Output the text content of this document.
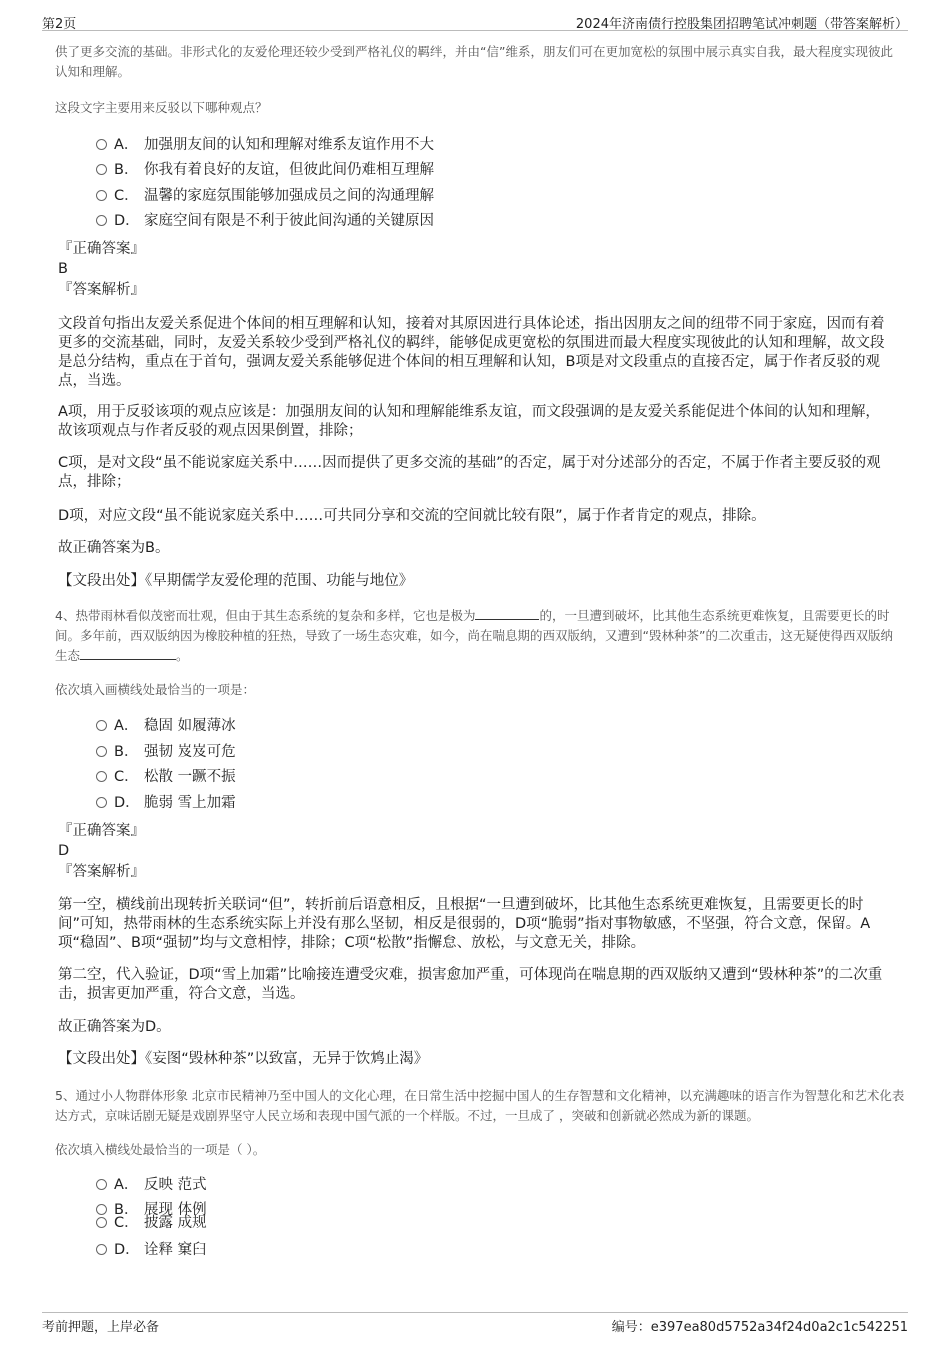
第2页	2024年济南债行控股集团招聘笔试冲刺题（带答案解析）
供了更多交流的基础。非形式化的友爱伦理还较少受到严格礼仪的羁绊，并由“信”维系，朋友们可在更加宽松的氛围中展示真实自我，最大程度实现彼此认知和理解。
这段文字主要用来反驳以下哪种观点？
A． 加强朋友间的认知和理解对维系友谊作用不大
B． 你我有着良好的友谊，但彼此间仍难相互理解
C． 温馨的家庭氛围能够加强成员之间的沟通理解
D． 家庭空间有限是不利于彼此间沟通的关键原因
『正确答案』
B
『答案解析』
文段首句指出友爱关系促进个体间的相互理解和认知，接着对其原因进行具体论述，指出因朋友之间的纽带不同于家庭，因而有着更多的交流基础，同时，友爱关系较少受到严格礼仪的羁绊，能够促成更宽松的氛围进而最大程度实现彼此的认知和理解，故文段是总分结构，重点在于首句，强调友爱关系能够促进个体间的相互理解和认知，B项是对文段重点的直接否定，属于作者反驳的观点，当选。
A项，用于反驳该项的观点应该是：加强朋友间的认知和理解能维系友谊，而文段强调的是友爱关系能促进个体间的认知和理解，故该项观点与作者反驳的观点因果倒置，排除；
C项，是对文段“虽不能说家庭关系中……因而提供了更多交流的基础”的否定，属于对分述部分的否定，不属于作者主要反驳的观点，排除；
D项，对应文段“虽不能说家庭关系中……可共同分享和交流的空间就比较有限”，属于作者肯定的观点，排除。
故正确答案为B。
【文段出处】《早期儒学友爱伦理的范围、功能与地位》
4、热带雨林看似茂密而壮观，但由于其生态系统的复杂和多样，它也是极为	的，一旦遭到破坏，比其他生态系统更难恢复，且需要更长的时间。多年前，西双版纳因为橡胶种植的狂热，导致了一场生态灾难，如今，尚在喘息期的西双版纳，又遭到“毁林种茶”的二次重击，这无疑使得西双版纳生态	。
依次填入画横线处最恰当的一项是：
A． 稳固 如履薄冰
B． 强韧 岌岌可危
C． 松散 一蹶不振
D． 脆弱 雪上加霜
『正确答案』
D
『答案解析』
第一空，横线前出现转折关联词“但”，转折前后语意相反，且根据“一旦遭到破坏，比其他生态系统更难恢复，且需要更长的时间”可知，热带雨林的生态系统实际上并没有那么坚韧，相反是很弱的，D项“脆弱”指对事物敏感，不坚强，符合文意，保留。A项“稳固”、B项“强韧”均与文意相悖，排除；C项“松散”指懈怠、放松，与文意无关，排除。
第二空，代入验证，D项“雪上加霜”比喻接连遭受灾难，损害愈加严重，可体现尚在喘息期的西双版纳又遭到“毁林种茶”的二次重击，损害更加严重，符合文意，当选。
故正确答案为D。
【文段出处】《妄图“毁林种茶”以致富，无异于饮鸩止渴》
5、通过小人物群体形象 北京市民精神乃至中国人的文化心理，在日常生活中挖掘中国人的生存智慧和文化精神，以充满趣味的语言作为智慧化和艺术化表达方式，京味话剧无疑是戏剧界坚守人民立场和表现中国气派的一个样版。不过，一旦成了 ，突破和创新就必然成为新的课题。
依次填入横线处最恰当的一项是（ ）。
A． 反映 范式
B． 展现 体例
C． 披露 成规
D． 诠释 窠臼
考前押题，上岸必备	编号：e397ea80d5752a34f24d0a2c1c542251
